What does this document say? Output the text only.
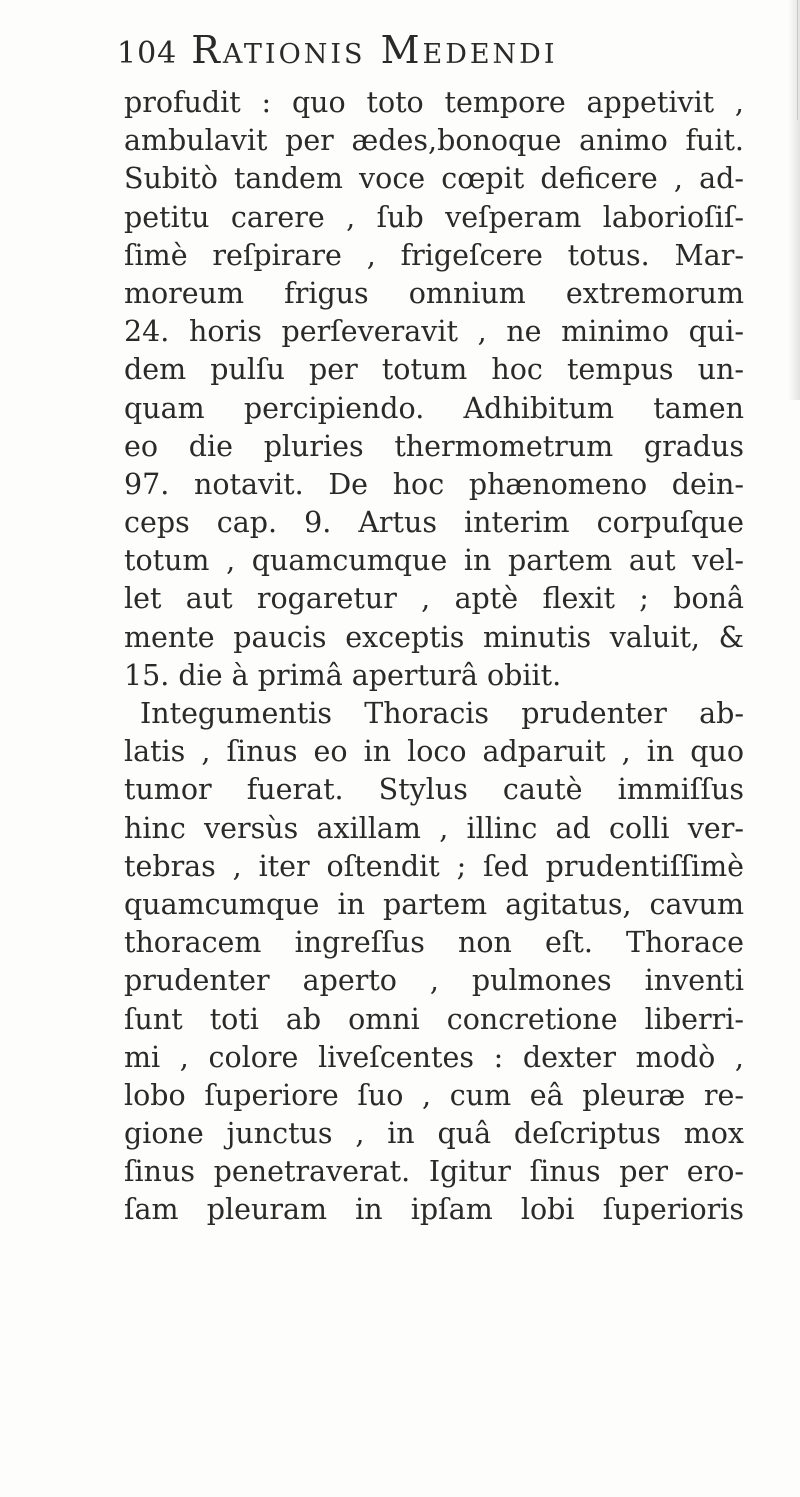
104 Rationis Medendi
profudit : quo toto tempore appetivit ,
ambulavit per ædes,bonoque animo fuit.
Subitò tandem voce cœpit deficere , ad-
petitu carere , ſub veſperam laborioſiſ-
ſimè reſpirare , frigeſcere totus. Mar-
moreum frigus omnium extremorum
24. horis perſeveravit , ne minimo qui-
dem pulſu per totum hoc tempus un-
quam percipiendo. Adhibitum tamen
eo die pluries thermometrum gradus
97. notavit. De hoc phænomeno dein-
ceps cap. 9. Artus interim corpuſque
totum , quamcumque in partem aut vel-
let aut rogaretur , aptè flexit ; bonâ
mente paucis exceptis minutis valuit, &
15. die à primâ aperturâ obiit.
Integumentis Thoracis prudenter ab-
latis , ſinus eo in loco adparuit , in quo
tumor fuerat. Stylus cautè immiſſus
hinc versùs axillam , illinc ad colli ver-
tebras , iter oſtendit ; ſed prudentiſſimè
quamcumque in partem agitatus, cavum
thoracem ingreſſus non eſt. Thorace
prudenter aperto , pulmones inventi
ſunt toti ab omni concretione liberri-
mi , colore liveſcentes : dexter modò ,
lobo ſuperiore ſuo , cum eâ pleuræ re-
gione junctus , in quâ deſcriptus mox
ſinus penetraverat. Igitur ſinus per ero-
ſam pleuram in ipſam lobi ſuperioris
